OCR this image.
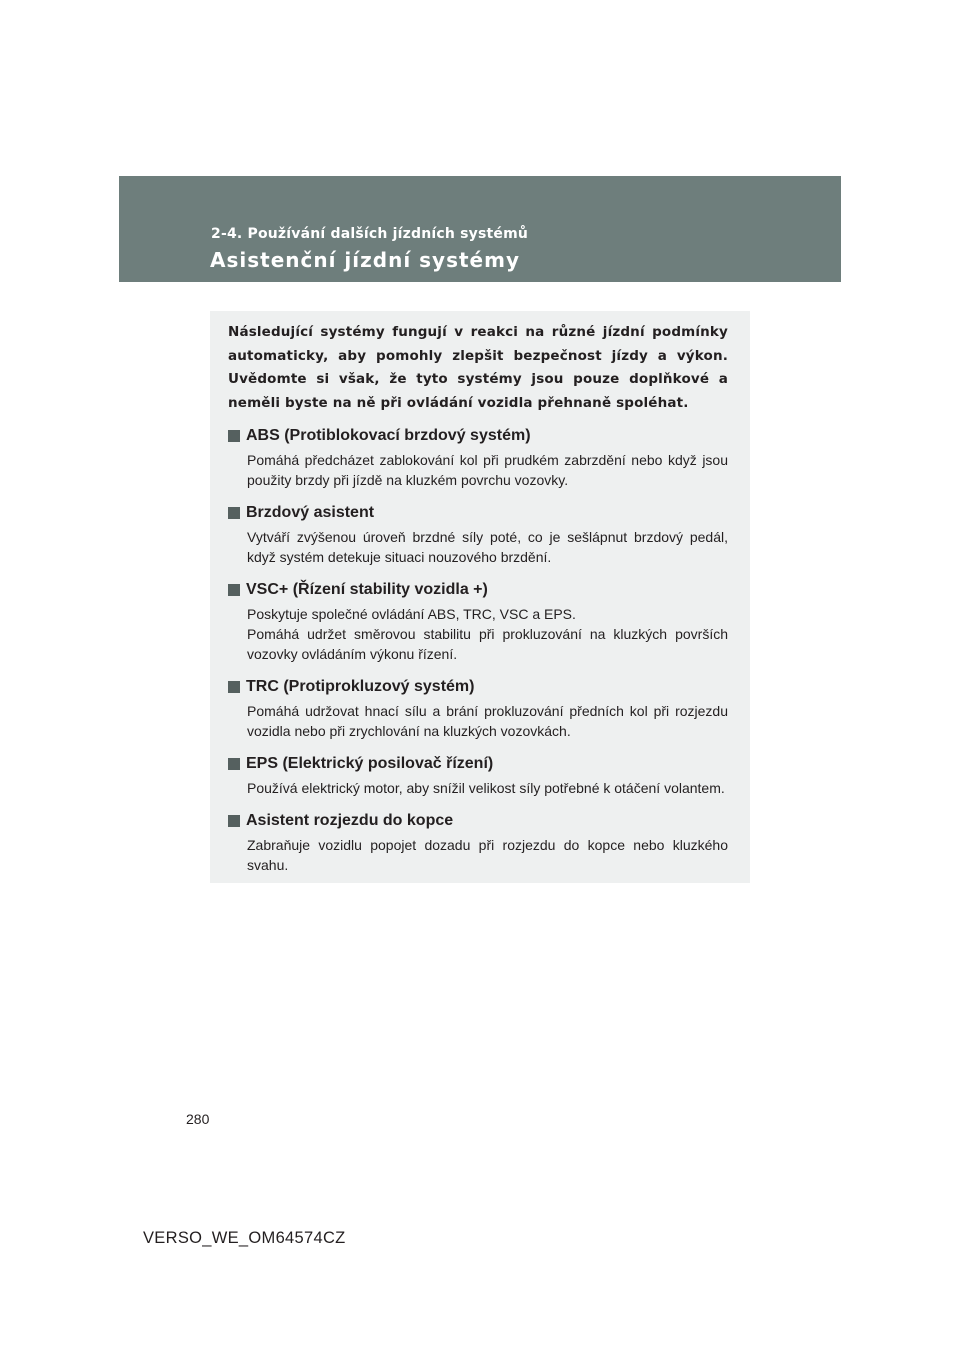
2-4. Používání dalších jízdních systémů
Asistenční jízdní systémy

Následující systémy fungují v reakci na různé jízdní podmínky automaticky, aby pomohly zlepšit bezpečnost jízdy a výkon. Uvědomte si však, že tyto systémy jsou pouze doplňkové a neměli byste na ně při ovládání vozidla přehnaně spoléhat.

ABS (Protiblokovací brzdový systém)

Pomáhá předcházet zablokování kol při prudkém zabrzdění nebo když jsou použity brzdy při jízdě na kluzkém povrchu vozovky.

Brzdový asistent

Vytváří zvýšenou úroveň brzdné síly poté, co je sešlápnut brzdový pedál, když systém detekuje situaci nouzového brzdění.

VSC+ (Řízení stability vozidla +)

Poskytuje společné ovládání ABS, TRC, VSC a EPS.

Pomáhá udržet směrovou stabilitu při prokluzování na kluzkých površích vozovky ovládáním výkonu řízení.

TRC (Protiprokluzový systém)

Pomáhá udržovat hnací sílu a brání prokluzování předních kol při rozjezdu vozidla nebo při zrychlování na kluzkých vozovkách.

EPS (Elektrický posilovač řízení)

Používá elektrický motor, aby snížil velikost síly potřebné k otáčení volantem.

Asistent rozjezdu do kopce

Zabraňuje vozidlu popojet dozadu při rozjezdu do kopce nebo kluzkého svahu.

280
VERSO_WE_OM64574CZ
